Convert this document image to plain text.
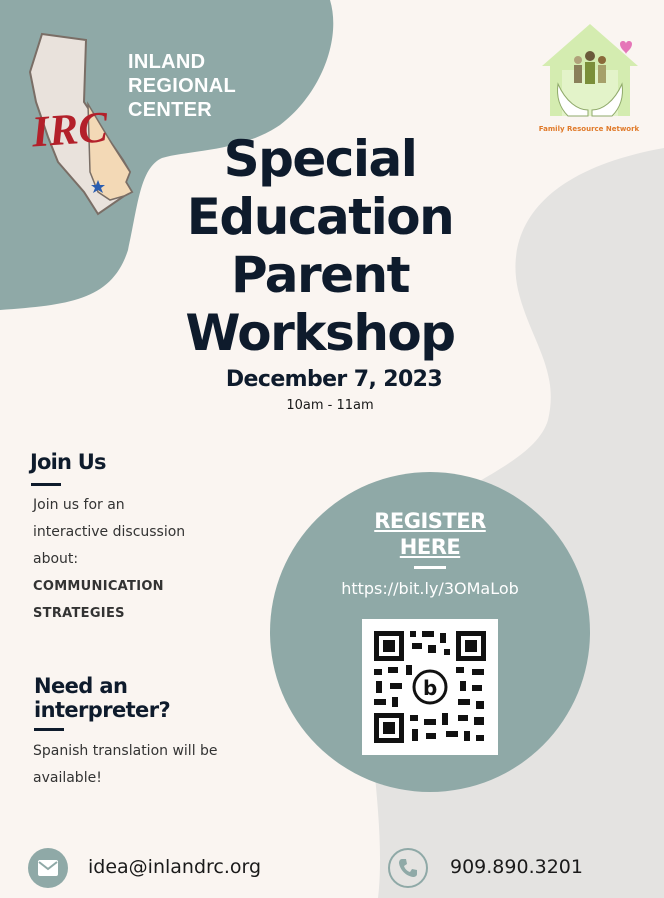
IRC
INLAND
REGIONAL
CENTER
Family Resource Network
Special
Education
Parent
Workshop
December 7, 2023
10am - 11am
Join Us
Join us for an
interactive discussion
about:
COMMUNICATION
STRATEGIES
Need an
interpreter?
Spanish translation will be
available!
REGISTER
HERE
https://bit.ly/3OMaLob
b
idea@inlandrc.org	909.890.3201
